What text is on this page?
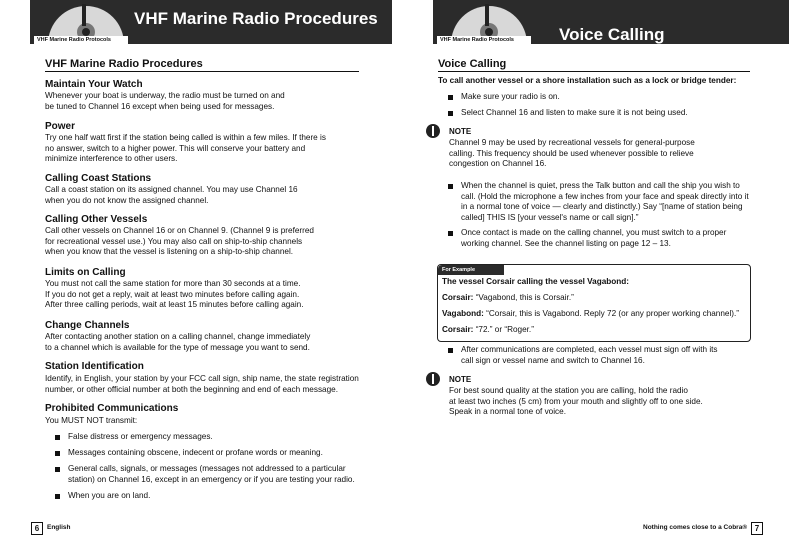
VHF Marine Radio Procedures
VHF Marine Radio Protocols
VHF Marine Radio Procedures
Maintain Your Watch
Whenever your boat is underway, the radio must be turned on and
be tuned to Channel 16 except when being used for messages.
Power
Try one half watt first if the station being called is within a few miles. If there is
no answer, switch to a higher power. This will conserve your battery and
minimize interference to other users.
Calling Coast Stations
Call a coast station on its assigned channel. You may use Channel 16
when you do not know the assigned channel.
Calling Other Vessels
Call other vessels on Channel 16 or on Channel 9. (Channel 9 is preferred
for recreational vessel use.) You may also call on ship-to-ship channels
when you know that the vessel is listening on a ship-to-ship channel.
Limits on Calling
You must not call the same station for more than 30 seconds at a time.
If you do not get a reply, wait at least two minutes before calling again.
After three calling periods, wait at least 15 minutes before calling again.
Change Channels
After contacting another station on a calling channel, change immediately
to a channel which is available for the type of message you want to send.
Station Identification
Identify, in English, your station by your FCC call sign, ship name, the state registration
number, or other official number at both the beginning and end of each message.
Prohibited Communications
You MUST NOT transmit:
False distress or emergency messages.
Messages containing obscene, indecent or profane words or meaning.
General calls, signals, or messages (messages not addressed to a particular
station) on Channel 16, except in an emergency or if you are testing your radio.
When you are on land.
6	English
Voice Calling
VHF Marine Radio Protocols
Voice Calling
To call another vessel or a shore installation such as a lock or bridge tender:
Make sure your radio is on.
Select Channel 16 and listen to make sure it is not being used.
NOTE
Channel 9 may be used by recreational vessels for general-purpose
calling. This frequency should be used whenever possible to relieve
congestion on Channel 16.
When the channel is quiet, press the Talk button and call the ship you wish to
call. (Hold the microphone a few inches from your face and speak directly into it
in a normal tone of voice — clearly and distinctly.) Say “[name of station being
called] THIS IS [your vessel's name or call sign].”
Once contact is made on the calling channel, you must switch to a proper
working channel. See the channel listing on page 12 – 13.
For Example
The vessel Corsair calling the vessel Vagabond:
Corsair: “Vagabond, this is Corsair.”
Vagabond: “Corsair, this is Vagabond. Reply 72 (or any proper working channel).”
Corsair: “72.” or “Roger.”
After communications are completed, each vessel must sign off with its
call sign or vessel name and switch to Channel 16.
NOTE
For best sound quality at the station you are calling, hold the radio
at least two inches (5 cm) from your mouth and slightly off to one side.
Speak in a normal tone of voice.
Nothing comes close to a Cobra® 7
